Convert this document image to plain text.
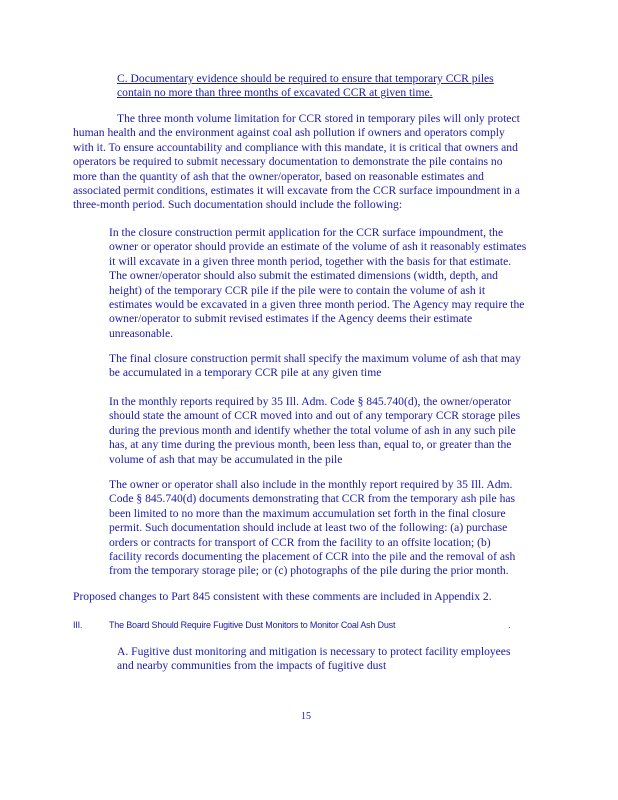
C. Documentary evidence should be required to ensure that temporary CCR piles
contain no more than three months of excavated CCR at given time.
The three month volume limitation for CCR stored in temporary piles will only protect
human health and the environment against coal ash pollution if owners and operators comply
with it. To ensure accountability and compliance with this mandate, it is critical that owners and
operators be required to submit necessary documentation to demonstrate the pile contains no
more than the quantity of ash that the owner/operator, based on reasonable estimates and
associated permit conditions, estimates it will excavate from the CCR surface impoundment in a
three-month period. Such documentation should include the following:
In the closure construction permit application for the CCR surface impoundment, the
owner or operator should provide an estimate of the volume of ash it reasonably estimates
it will excavate in a given three month period, together with the basis for that estimate.
The owner/operator should also submit the estimated dimensions (width, depth, and
height) of the temporary CCR pile if the pile were to contain the volume of ash it
estimates would be excavated in a given three month period. The Agency may require the
owner/operator to submit revised estimates if the Agency deems their estimate
unreasonable.
The final closure construction permit shall specify the maximum volume of ash that may
be accumulated in a temporary CCR pile at any given time
In the monthly reports required by 35 Ill. Adm. Code § 845.740(d), the owner/operator
should state the amount of CCR moved into and out of any temporary CCR storage piles
during the previous month and identify whether the total volume of ash in any such pile
has, at any time during the previous month, been less than, equal to, or greater than the
volume of ash that may be accumulated in the pile
The owner or operator shall also include in the monthly report required by 35 Ill. Adm.
Code § 845.740(d) documents demonstrating that CCR from the temporary ash pile has
been limited to no more than the maximum accumulation set forth in the final closure
permit. Such documentation should include at least two of the following: (a) purchase
orders or contracts for transport of CCR from the facility to an offsite location; (b)
facility records documenting the placement of CCR into the pile and the removal of ash
from the temporary storage pile; or (c) photographs of the pile during the prior month.
Proposed changes to Part 845 consistent with these comments are included in Appendix 2.
III.	The Board Should Require Fugitive Dust Monitors to Monitor Coal Ash Dust	.
A. Fugitive dust monitoring and mitigation is necessary to protect facility employees
and nearby communities from the impacts of fugitive dust
15
